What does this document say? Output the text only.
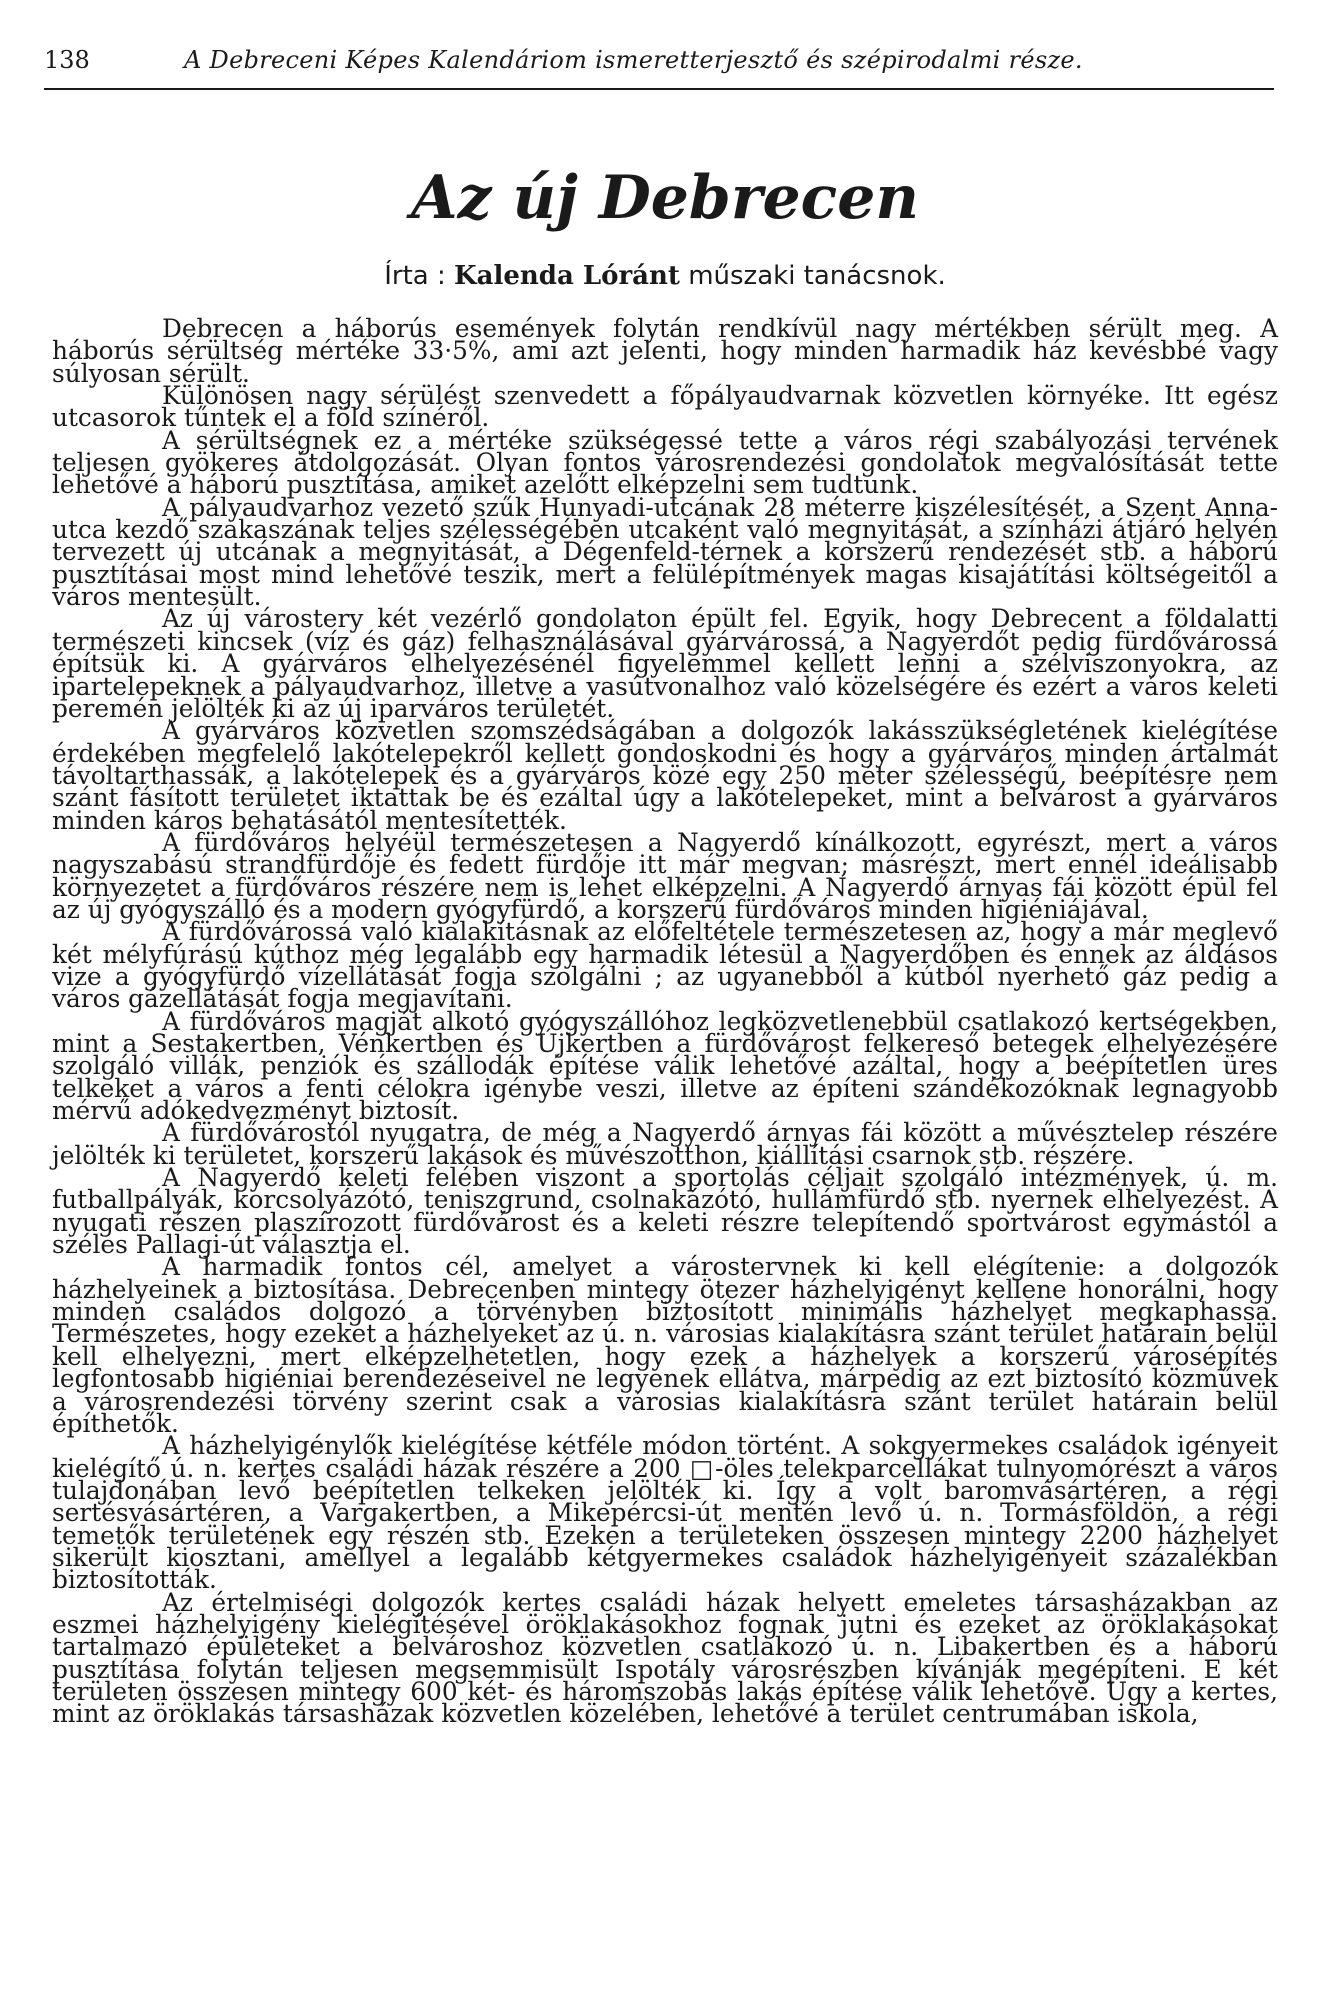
138	A Debreceni Képes Kalendáriom ismeretterjesztő és szépirodalmi része.
Az új Debrecen
Írta : Kalenda Lóránt műszaki tanácsnok.

Debrecen a háborús események folytán rendkívül nagy mértékben sérült meg. A háborús sérültség mértéke 33·5%, ami azt jelenti, hogy minden harmadik ház kevésbbé vagy súlyosan sérült.

Különösen nagy sérülést szenvedett a főpályaudvarnak közvetlen környéke. Itt egész utcasorok tűntek el a föld színéről.

A sérültségnek ez a mértéke szükségessé tette a város régi szabályozási tervének teljesen gyökeres átdolgozását. Olyan fontos városrendezési gondolatok megvalósítását tette lehetővé a háború pusztítása, amiket azelőtt elképzelni sem tudtunk.

A pályaudvarhoz vezető szűk Hunyadi-utcának 28 méterre kiszélesítését, a Szent Anna-utca kezdő szakaszának teljes szélességében utcaként való megnyitását, a színházi átjáró helyén tervezett új utcának a megnyitását, a Dégenfeld-térnek a korszerű rendezését stb. a háború pusztításai most mind lehetővé teszik, mert a felülépítmények magas kisajátítási költségeitől a város mentesült.

Az új várostery két vezérlő gondolaton épült fel. Egyik, hogy Debrecent a földalatti természeti kincsek (víz és gáz) felhasználásával gyárvárossá, a Nagyerdőt pedig fürdővárossá építsük ki. A gyárváros elhelyezésénél figyelemmel kellett lenni a szélviszonyokra, az ipartelepeknek a pályaudvarhoz, illetve a vasútvonalhoz való közelségére és ezért a város keleti peremén jelölték ki az új iparváros területét.

A gyárváros közvetlen szomszédságában a dolgozók lakásszükségletének kielégítése érdekében megfelelő lakótelepekről kellett gondoskodni és hogy a gyárváros minden ártalmát távoltarthassák, a lakótelepek és a gyárváros közé egy 250 méter szélességű, beépítésre nem szánt fásított területet iktattak be és ezáltal úgy a lakótelepeket, mint a belvárost a gyárváros minden káros behatásától mentesítették.

A fürdőváros helyéül természetesen a Nagyerdő kínálkozott, egyrészt, mert a város nagyszabású strandfürdője és fedett fürdője itt már megvan; másrészt, mert ennél ideálisabb környezetet a fürdőváros részére nem is lehet elképzelni. A Nagyerdő árnyas fái között épül fel az új gyógyszálló és a modern gyógyfürdő, a korszerű fürdőváros minden higiéniájával.

A fürdővárossá való kialakításnak az előfeltétele természetesen az, hogy a már meglevő két mélyfúrású kúthoz még legalább egy harmadik létesül a Nagyerdőben és ennek az áldásos vize a gyógyfürdő vízellátását fogja szolgálni ; az ugyanebből a kútból nyerhető gáz pedig a város gázellátását fogja megjavítani.

A fürdőváros magját alkotó gyógyszállóhoz legközvetlenebbül csatlakozó kertségekben, mint a Sestakertben, Vénkertben és Újkertben a fürdővárost felkereső betegek elhelyezésére szolgáló villák, penziók és szállodák építése válik lehetővé azáltal, hogy a beépítetlen üres telkeket a város a fenti célokra igénybe veszi, illetve az építeni szándékozóknak legnagyobb mérvű adókedvezményt biztosít.

A fürdővárostól nyugatra, de még a Nagyerdő árnyas fái között a művésztelep részére jelölték ki területet, korszerű lakások és művészotthon, kiállítási csarnok stb. részére.

A Nagyerdő keleti felében viszont a sportolás céljait szolgáló intézmények, ú. m. futballpályák, korcsolyázótó, teniszgrund, csolnakázótó, hullámfürdő stb. nyernek elhelyezést. A nyugati részen plaszírozott fürdővárost és a keleti részre telepítendő sportvárost egymástól a széles Pallagi-út választja el.

A harmadik fontos cél, amelyet a várostervnek ki kell elégítenie: a dolgozók házhelyeinek a biztosítása. Debrecenben mintegy ötezer házhelyigényt kellene honorálni, hogy minden családos dolgozó a törvényben biztosított minimális házhelyet megkaphassa. Természetes, hogy ezeket a házhelyeket az ú. n. városias kialakításra szánt terület határain belül kell elhelyezni, mert elképzelhetetlen, hogy ezek a házhelyek a korszerű városépítés legfontosabb higiéniai berendezéseivel ne legyenek ellátva, márpedig az ezt biztosító közművek a városrendezési törvény szerint csak a városias kialakításra szánt terület határain belül építhetők.

A házhelyigénylők kielégítése kétféle módon történt. A sokgyermekes családok igényeit kielégítő ú. n. kertes családi házak részére a 200 □-öles telekparcellákat tulnyomórészt a város tulajdonában levő beépítetlen telkeken jelölték ki. Így a volt baromvásártéren, a régi sertésvásártéren, a Vargakertben, a Mikepércsi-út mentén levő ú. n. Tormásföldön, a régi temetők területének egy részén stb. Ezeken a területeken összesen mintegy 2200 házhelyet sikerült kiosztani, amellyel a legalább kétgyermekes családok házhelyigényeit százalékban biztosították.

Az értelmiségi dolgozók kertes családi házak helyett emeletes társasházakban az eszmei házhelyigény kielégítésével öröklakásokhoz fognak jutni és ezeket az öröklakásokat tartalmazó épületeket a belvároshoz közvetlen csatlakozó ú. n. Libakertben és a háború pusztítása folytán teljesen megsemmisült Ispotály városrészben kívánják megépíteni. E két területen összesen mintegy 600 két- és háromszobás lakás építése válik lehetővé. Úgy a kertes, mint az öröklakás társasházak közvetlen közelében, lehetővé a terület centrumában iskola,
